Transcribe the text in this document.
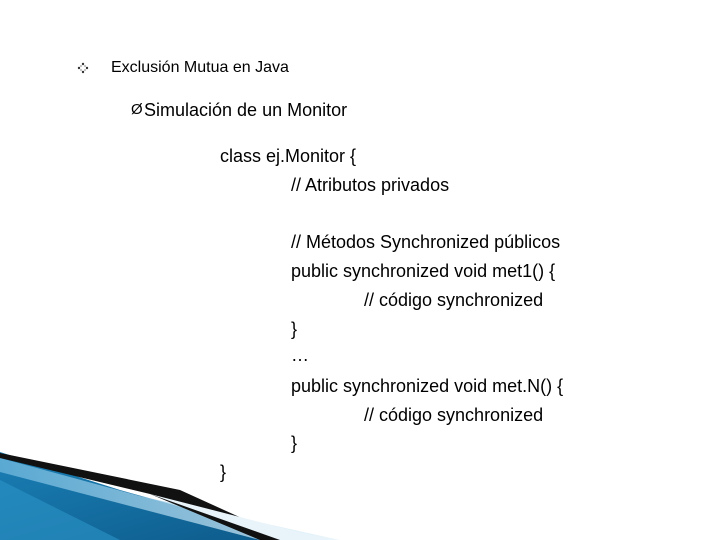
Exclusión Mutua en Java
Ø Simulación de un Monitor
class ej.Monitor {
// Atributos privados
// Métodos Synchronized públicos
public synchronized void met1() {
// código synchronized
}
…
public synchronized void met.N() {
// código synchronized
}
}
